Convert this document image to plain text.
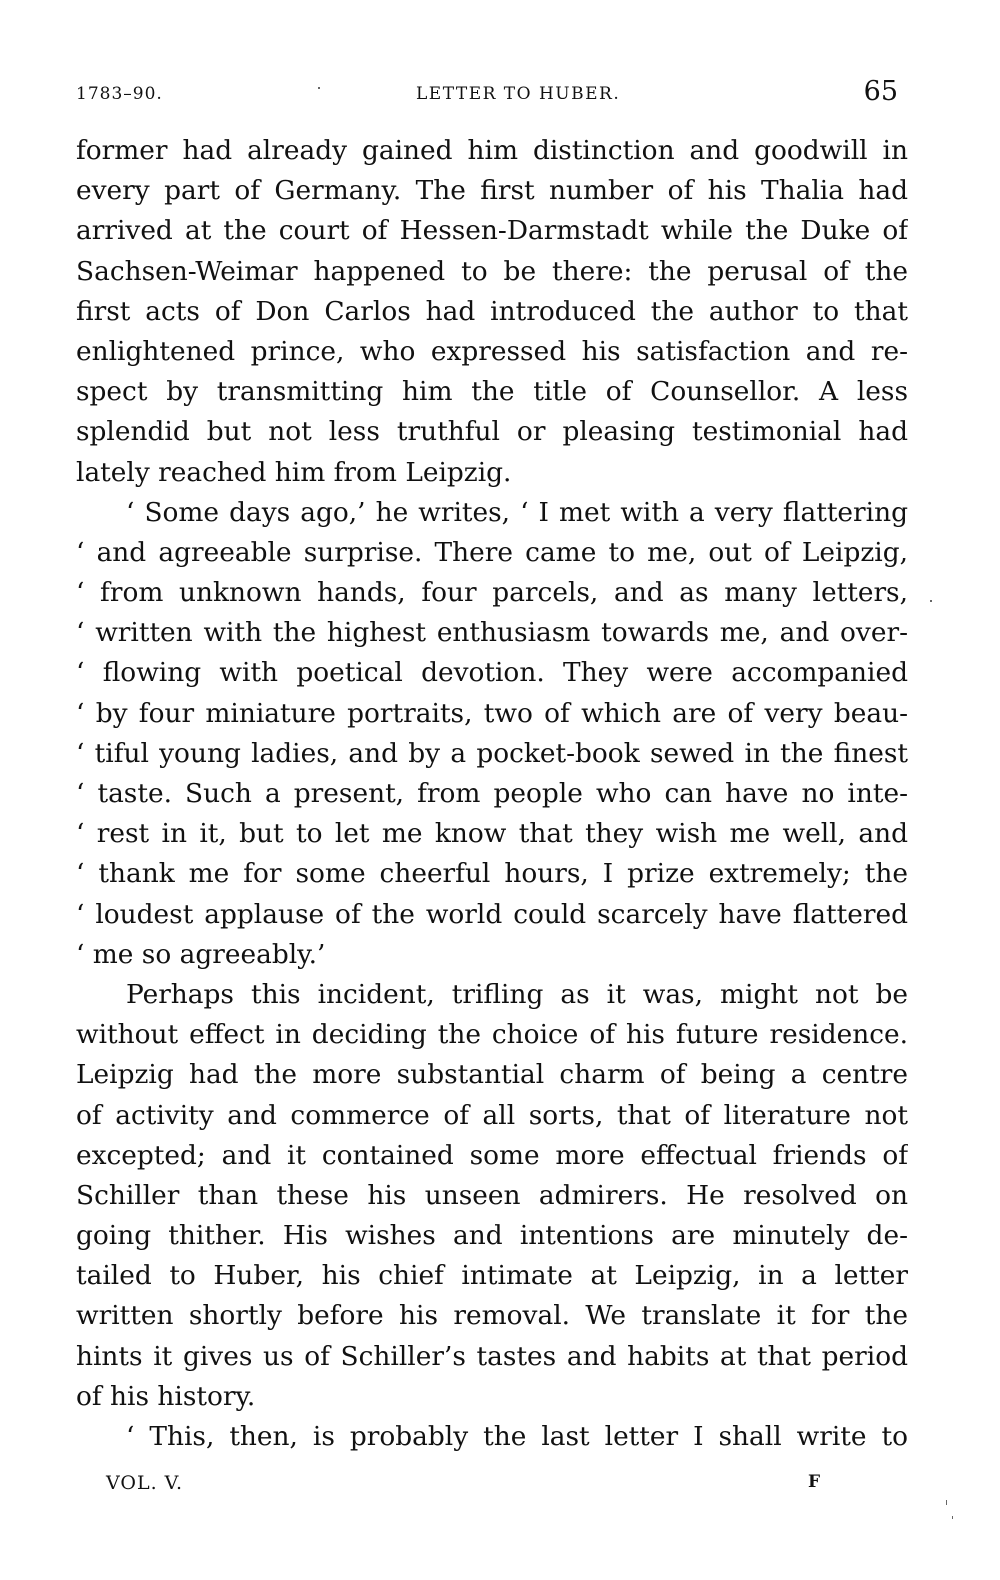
1783–90.	LETTER TO HUBER.	65
former had already gained him distinction and goodwill in
every part of Germany. The first number of his Thalia had
arrived at the court of Hessen-Darmstadt while the Duke of
Sachsen-Weimar happened to be there: the perusal of the
first acts of Don Carlos had introduced the author to that
enlightened prince, who expressed his satisfaction and re-
spect by transmitting him the title of Counsellor. A less
splendid but not less truthful or pleasing testimonial had
lately reached him from Leipzig.
‘ Some days ago,’ he writes, ‘ I met with a very flattering
‘ and agreeable surprise. There came to me, out of Leipzig,
‘ from unknown hands, four parcels, and as many letters,
‘ written with the highest enthusiasm towards me, and over-
‘ flowing with poetical devotion. They were accompanied
‘ by four miniature portraits, two of which are of very beau-
‘ tiful young ladies, and by a pocket-book sewed in the finest
‘ taste. Such a present, from people who can have no inte-
‘ rest in it, but to let me know that they wish me well, and
‘ thank me for some cheerful hours, I prize extremely; the
‘ loudest applause of the world could scarcely have flattered
‘ me so agreeably.’
Perhaps this incident, trifling as it was, might not be
without effect in deciding the choice of his future residence.
Leipzig had the more substantial charm of being a centre
of activity and commerce of all sorts, that of literature not
excepted; and it contained some more effectual friends of
Schiller than these his unseen admirers. He resolved on
going thither. His wishes and intentions are minutely de-
tailed to Huber, his chief intimate at Leipzig, in a letter
written shortly before his removal. We translate it for the
hints it gives us of Schiller’s tastes and habits at that period
of his history.
‘ This, then, is probably the last letter I shall write to
VOL. V.	F
